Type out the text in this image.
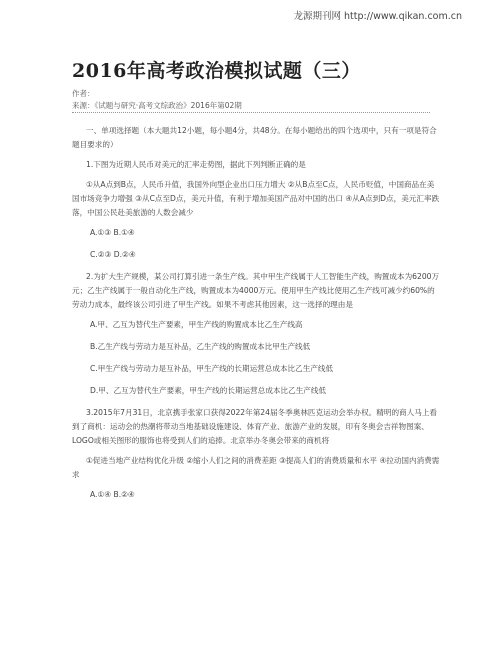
龙源期刊网 http://www.qikan.com.cn
2016年高考政治模拟试题（三）
作者：
来源：《试题与研究·高考文综政治》2016年第02期

一、单项选择题（本大题共12小题，每小题4分，共48分。在每小题给出的四个选项中，只有一项是符合题目要求的）

1.下图为近期人民币对美元的汇率走势图，据此下列判断正确的是

①从A点到B点，人民币升值，我国外向型企业出口压力增大 ②从B点至C点，人民币贬值，中国商品在美国市场竞争力增强 ③从C点至D点，美元升值，有利于增加美国产品对中国的出口 ④从A点到D点，美元汇率跌落，中国公民赴美旅游的人数会减少

A.①③ B.①④

C.②③ D.②④

2.为扩大生产规模，某公司打算引进一条生产线。其中甲生产线属于人工智能生产线，购置成本为6200万元；乙生产线属于一般自动化生产线，购置成本为4000万元。使用甲生产线比使用乙生产线可减少约60%的劳动力成本，最终该公司引进了甲生产线。如果不考虑其他因素，这一选择的理由是

A.甲、乙互为替代生产要素，甲生产线的购置成本比乙生产线高

B.乙生产线与劳动力是互补品，乙生产线的购置成本比甲生产线低

C.甲生产线与劳动力是互补品，甲生产线的长期运营总成本比乙生产线低

D.甲、乙互为替代生产要素，甲生产线的长期运营总成本比乙生产线低

3.2015年7月31日，北京携手张家口获得2022年第24届冬季奥林匹克运动会举办权。精明的商人马上看到了商机：运动会的热潮将带动当地基础设施建设、体育产业、旅游产业的发展，印有冬奥会吉祥物图案、LOGO或相关图形的服饰也将受到人们的追捧。北京举办冬奥会带来的商机将

①促进当地产业结构优化升级 ②缩小人们之间的消费差距 ③提高人们的消费质量和水平 ④拉动国内消费需求

A.①④ B.②④
